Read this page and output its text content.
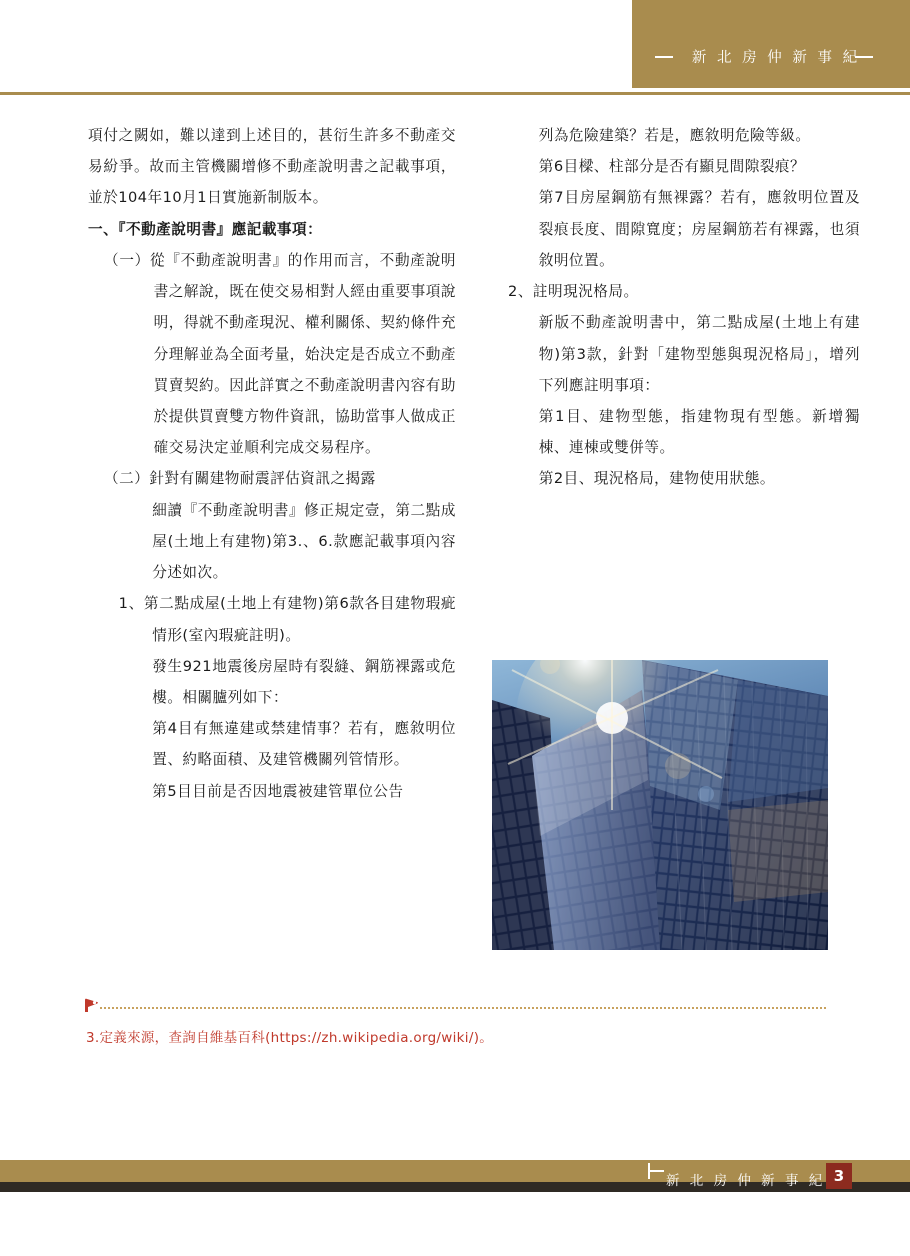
新 北 房 仲 新 事 紀

項付之闕如，難以達到上述目的，甚衍生許多不動產交易紛爭。故而主管機關增修不動產說明書之記載事項，並於104年10月1日實施新制版本。

一、『不動產說明書』應記載事項：

（一）從『不動產說明書』的作用而言，不動產說明書之解說，既在使交易相對人經由重要事項說明，得就不動產現況、權利關係、契約條件充分理解並為全面考量，始決定是否成立不動產買賣契約。因此詳實之不動產說明書內容有助於提供買賣雙方物件資訊，協助當事人做成正確交易決定並順利完成交易程序。

（二）針對有關建物耐震評估資訊之揭露

細讀『不動產說明書』修正規定壹，第二點成屋(土地上有建物)第3.、6.款應記載事項內容分述如次。

1、第二點成屋(土地上有建物)第6款各目建物瑕疵情形(室內瑕疵註明)。

發生921地震後房屋時有裂縫、鋼筋裸露或危樓。相關臚列如下：

第4目有無違建或禁建情事？若有，應敘明位置、約略面積、及建管機關列管情形。

第5目目前是否因地震被建管單位公告

列為危險建築？若是，應敘明危險等級。

第6目樑、柱部分是否有顯見間隙裂痕？

第7目房屋鋼筋有無裸露？若有，應敘明位置及裂痕長度、間隙寬度；房屋鋼筋若有裸露，也須敘明位置。

2、註明現況格局。

新版不動產說明書中，第二點成屋(土地上有建物)第3款，針對「建物型態與現況格局」，增列下列應註明事項：

第1目、建物型態，指建物現有型態。新增獨棟、連棟或雙併等。

第2目、現況格局，建物使用狀態。

3.定義來源，查詢自維基百科(https://zh.wikipedia.org/wiki/)。
新 北 房 仲 新 事 紀 3
